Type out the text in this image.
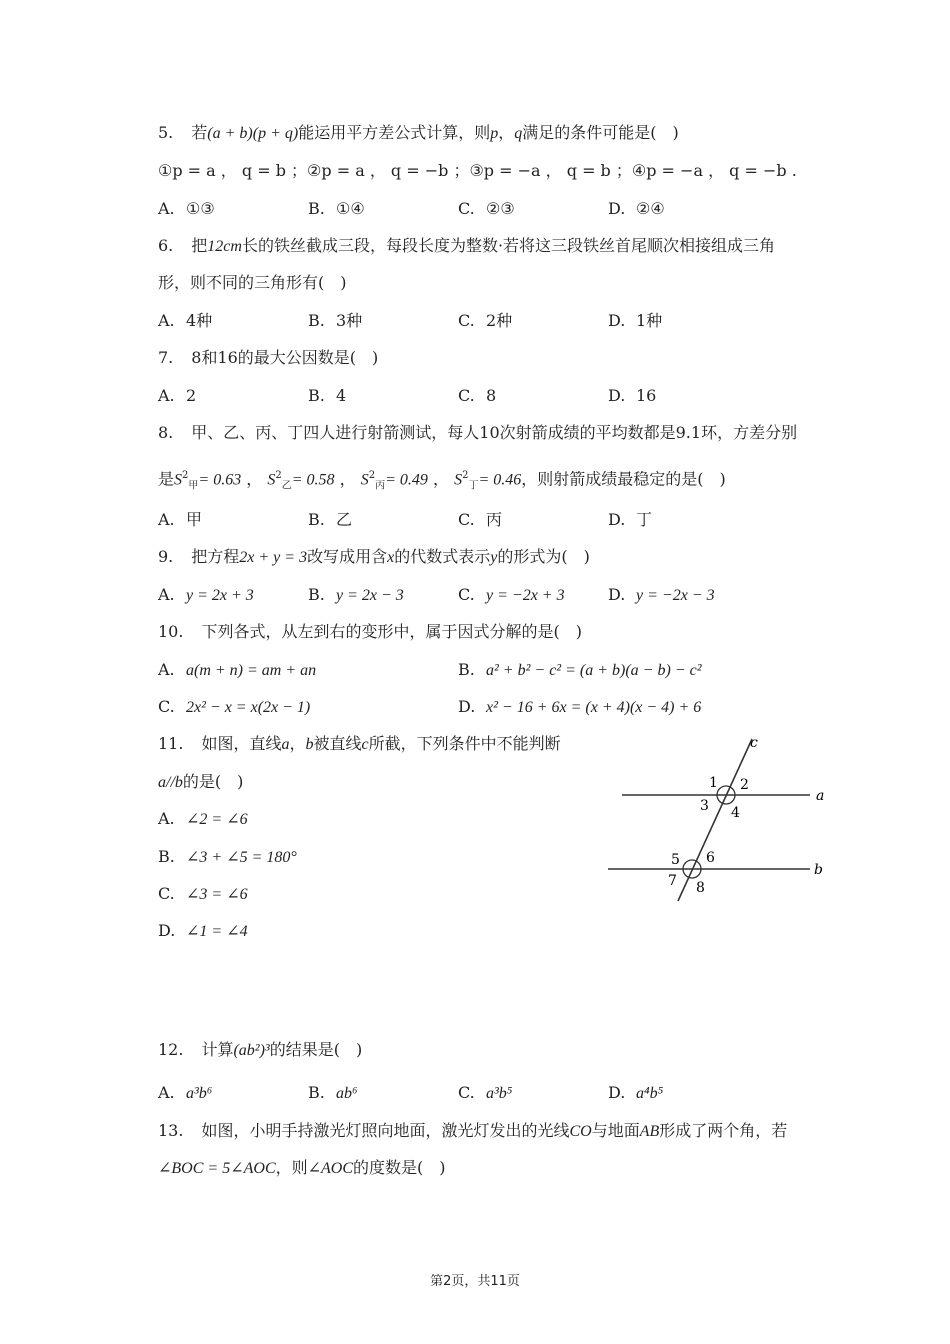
5. 若(a + b)(p + q)能运用平方差公式计算，则p，q满足的条件可能是(　)
①p = a ， q = b ；②p = a ， q = −b ；③p = −a ， q = b ；④p = −a ， q = −b .
A. ①③	B. ①④	C. ②③	D. ②④
6. 把12cm长的铁丝截成三段，每段长度为整数·若将这三段铁丝首尾顺次相接组成三角
形，则不同的三角形有(　)
A. 4种	B. 3种	C. 2种	D. 1种
7. 8和16的最大公因数是(　)
A. 2	B. 4	C. 8	D. 16
8. 甲、乙、丙、丁四人进行射箭测试，每人10次射箭成绩的平均数都是9.1环，方差分别
是$S^2_甲= 0.63$ ， $S^2_乙= 0.58$ ， $S^2_丙= 0.49$ ， $S^2_丁= 0.46$，则射箭成绩最稳定的是(　)
A. 甲	B. 乙	C. 丙	D. 丁
9. 把方程2x + y = 3改写成用含x的代数式表示y的形式为(　)
A. y = 2x + 3	B. y = 2x − 3	C. y = −2x + 3	D. y = −2x − 3
10. 下列各式，从左到右的变形中，属于因式分解的是(　)
A. a(m + n) = am + an	B. a² + b² − c² = (a + b)(a − b) − c²
C. 2x² − x = x(2x − 1)	D. x² − 16 + 6x = (x + 4)(x − 4) + 6
11. 如图，直线a，b被直线c所截，下列条件中不能判断
a//b的是(　)
A. ∠2 = ∠6
B. ∠3 + ∠5 = 180°
C. ∠3 = ∠6
D. ∠1 = ∠4
a
b
c
1 2
3 4
5 6
7 8
12. 计算(ab²)³的结果是(　)
A. a³b⁶	B. ab⁶	C. a³b⁵	D. a⁴b⁵
13. 如图，小明手持激光灯照向地面，激光灯发出的光线CO与地面AB形成了两个角，若
∠BOC = 5∠AOC，则∠AOC的度数是(　)
第2页，共11页
